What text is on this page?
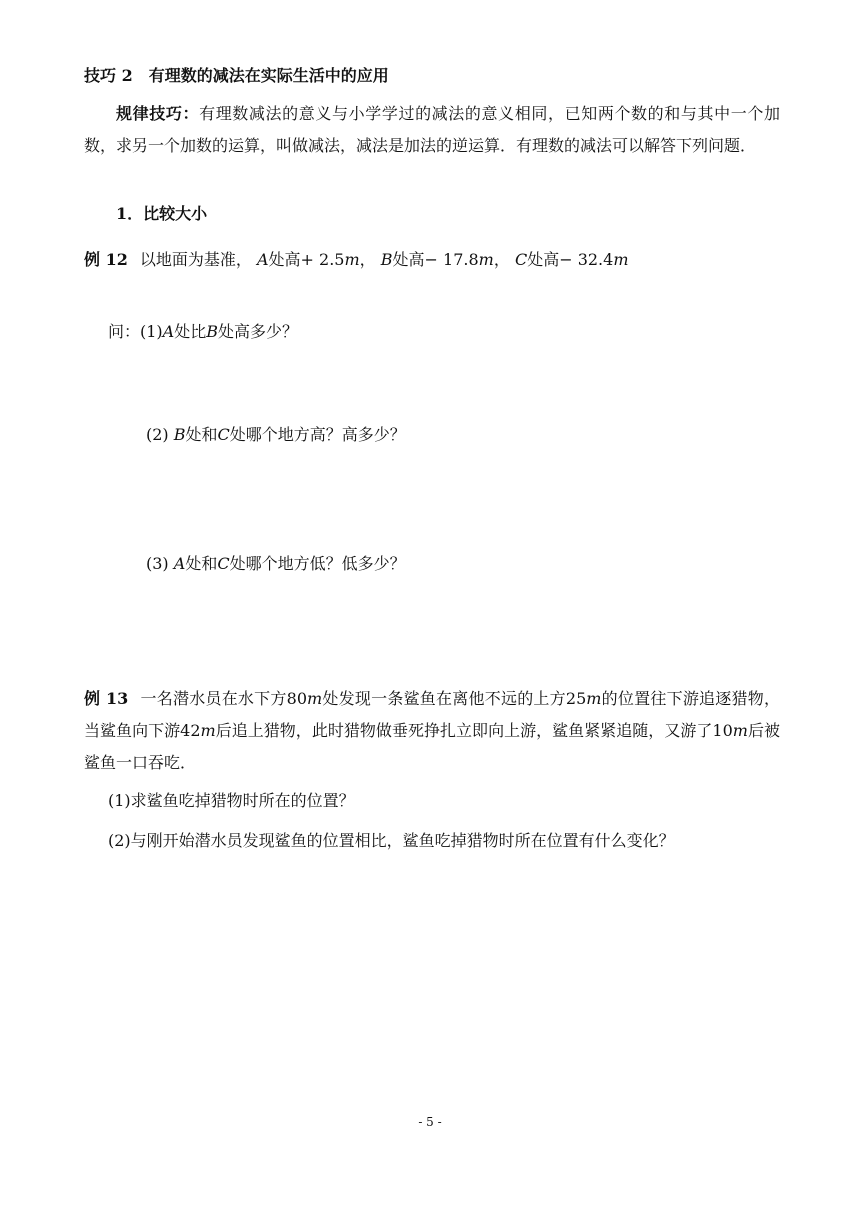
技巧 2　有理数的减法在实际生活中的应用
规律技巧：有理数减法的意义与小学学过的减法的意义相同，已知两个数的和与其中一个加数，求另一个加数的运算，叫做减法，减法是加法的逆运算．有理数的减法可以解答下列问题．
1．比较大小
例 12 以地面为基准， A处高+ 2.5m， B处高− 17.8m， C处高− 32.4m
问：(1)A处比B处高多少？
(2) B处和C处哪个地方高？高多少？
(3) A处和C处哪个地方低？低多少？
例 13 一名潜水员在水下方80m处发现一条鲨鱼在离他不远的上方25m的位置往下游追逐猎物，当鲨鱼向下游42m后追上猎物，此时猎物做垂死挣扎立即向上游，鲨鱼紧紧追随，又游了10m后被鲨鱼一口吞吃．
(1)求鲨鱼吃掉猎物时所在的位置？
(2)与刚开始潜水员发现鲨鱼的位置相比，鲨鱼吃掉猎物时所在位置有什么变化？
- 5 -
